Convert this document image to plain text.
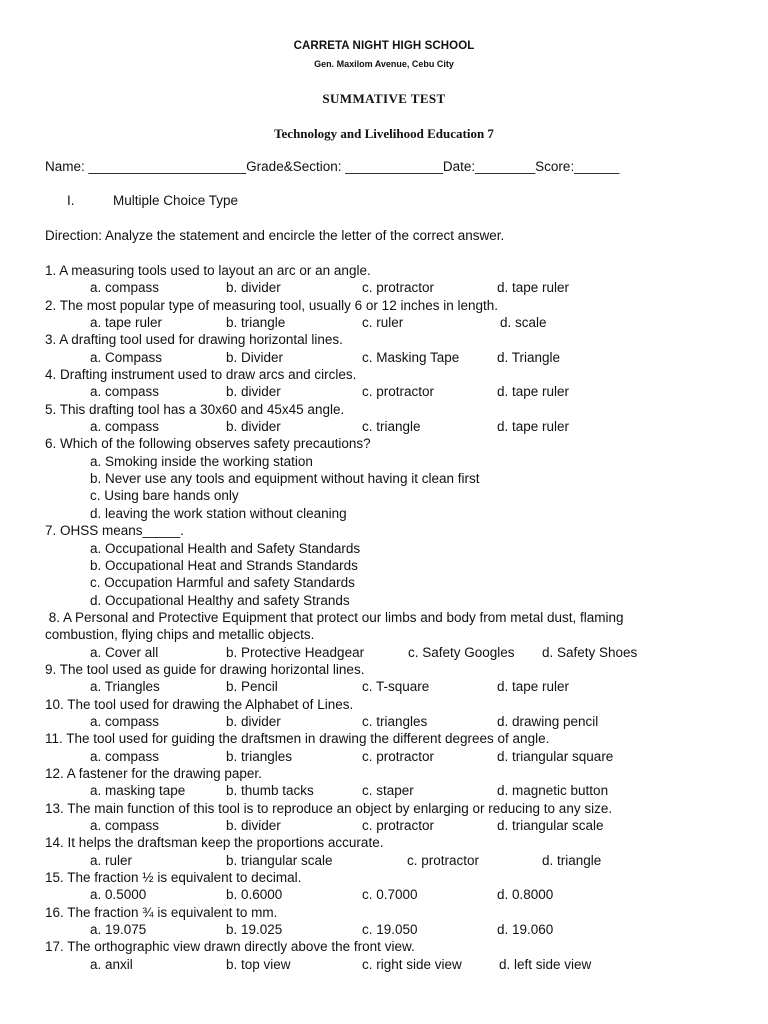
CARRETA NIGHT HIGH SCHOOL
Gen. Maxilom Avenue, Cebu City
SUMMATIVE TEST
Technology and Livelihood Education 7
Name: _____________________Grade&Section: _____________Date:________Score:______
I.	Multiple Choice Type
Direction: Analyze the statement and encircle the letter of the correct answer.
1. A measuring tools used to layout an arc or an angle.
a. compass	b. divider	c. protractor	d. tape ruler
2. The most popular type of measuring tool, usually 6 or 12 inches in length.
a. tape ruler	b. triangle	c. ruler	d. scale
3. A drafting tool used for drawing horizontal lines.
a. Compass	b. Divider	c. Masking Tape	d. Triangle
4. Drafting instrument used to draw arcs and circles.
a. compass	b. divider	c. protractor	d. tape ruler
5. This drafting tool has a 30x60 and 45x45 angle.
a. compass	b. divider	c. triangle	d. tape ruler
6. Which of the following observes safety precautions?
a. Smoking inside the working station
b. Never use any tools and equipment without having it clean first
c. Using bare hands only
d. leaving the work station without cleaning
7. OHSS means_____.
a. Occupational Health and Safety Standards
b. Occupational Heat and Strands Standards
c. Occupation Harmful and safety Standards
d. Occupational Healthy and safety Strands
8. A Personal and Protective Equipment that protect our limbs and body from metal dust, flaming
combustion, flying chips and metallic objects.
a. Cover all	b. Protective Headgear	c. Safety Googles d. Safety Shoes
9. The tool used as guide for drawing horizontal lines.
a. Triangles	b. Pencil	c. T-square	d. tape ruler
10. The tool used for drawing the Alphabet of Lines.
a. compass	b. divider	c. triangles	d. drawing pencil
11. The tool used for guiding the draftsmen in drawing the different degrees of angle.
a. compass	b. triangles	c. protractor	d. triangular square
12. A fastener for the drawing paper.
a. masking tape	b. thumb tacks	c. staper	d. magnetic button
13. The main function of this tool is to reproduce an object by enlarging or reducing to any size.
a. compass	b. divider	c. protractor	d. triangular scale
14. It helps the draftsman keep the proportions accurate.
a. ruler	b. triangular scale	c. protractor	d. triangle
15. The fraction ½ is equivalent to decimal.
a. 0.5000	b. 0.6000	c. 0.7000	d. 0.8000
16. The fraction ¾ is equivalent to mm.
a. 19.075	b. 19.025	c. 19.050	d. 19.060
17. The orthographic view drawn directly above the front view.
a. anxil	b. top view	c. right side view	d. left side view
